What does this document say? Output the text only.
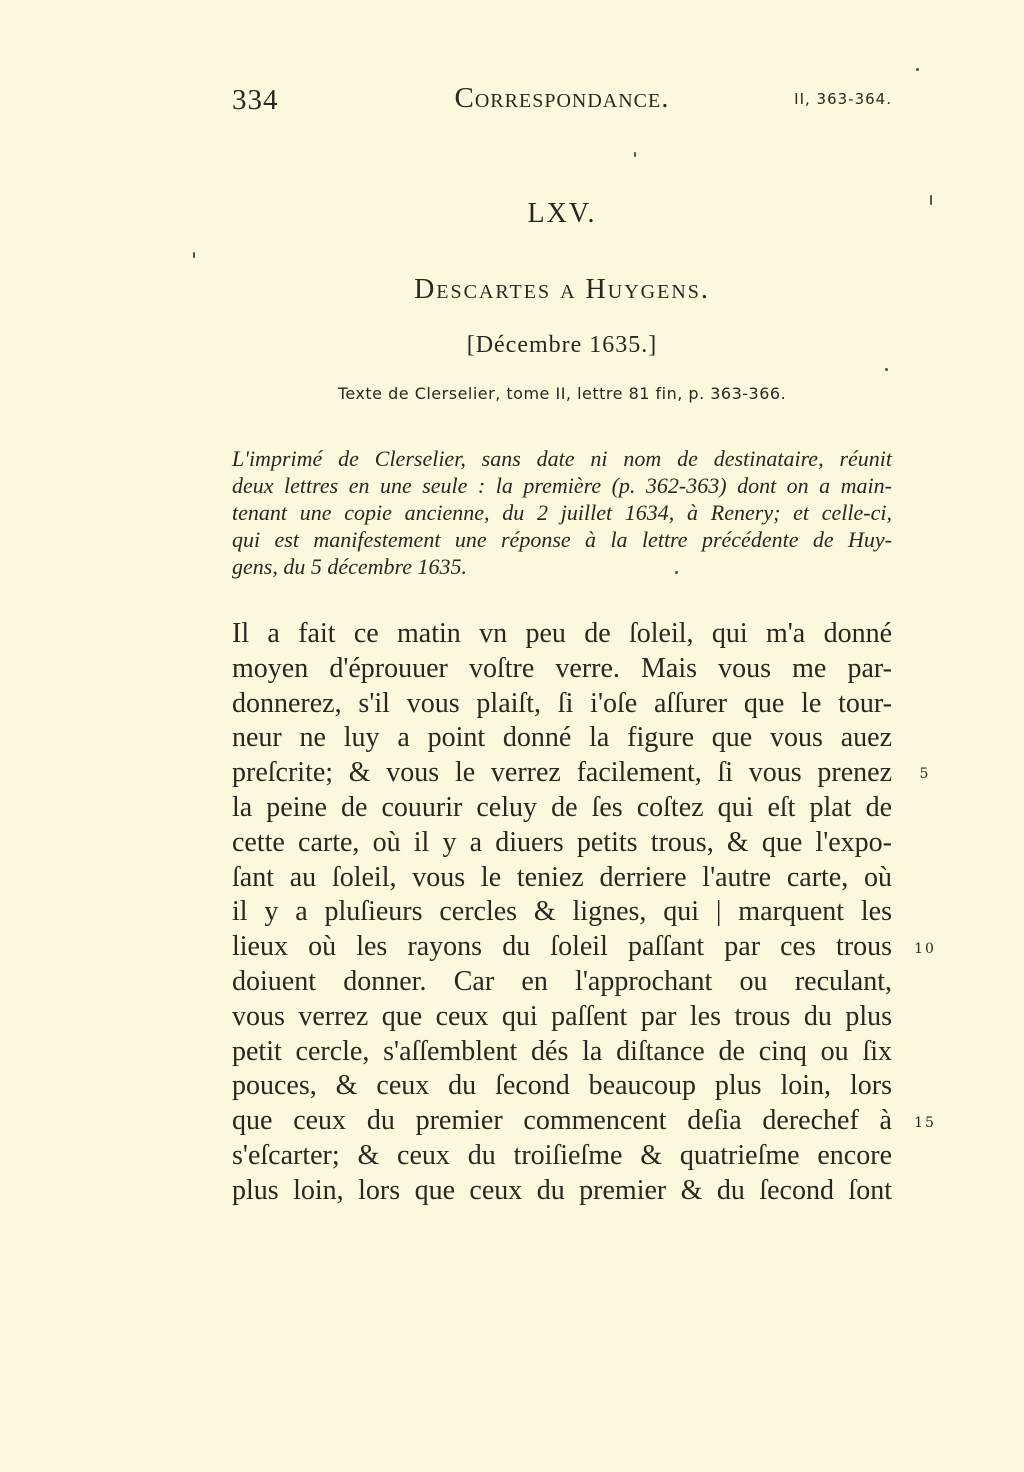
334	Correspondance.	II, 363-364.
LXV.
Descartes a Huygens.
[Décembre 1635.]
Texte de Clerselier, tome II, lettre 81 fin, p. 363-366.
L'imprimé de Clerselier, sans date ni nom de destinataire, réunit
deux lettres en une seule : la première (p. 362-363) dont on a main-
tenant une copie ancienne, du 2 juillet 1634, à Renery; et celle-ci,
qui est manifestement une réponse à la lettre précédente de Huy-
gens, du 5 décembre 1635.
Il a fait ce matin vn peu de ſoleil, qui m'a donné
moyen d'éprouuer voſtre verre. Mais vous me par-
donnerez, s'il vous plaiſt, ſi i'oſe aſſurer que le tour-
neur ne luy a point donné la figure que vous auez
preſcrite; & vous le verrez facilement, ſi vous prenez
la peine de couurir celuy de ſes coſtez qui eſt plat de
cette carte, où il y a diuers petits trous, & que l'expo-
ſant au ſoleil, vous le teniez derriere l'autre carte, où
il y a pluſieurs cercles & lignes, qui | marquent les
lieux où les rayons du ſoleil paſſant par ces trous
doiuent donner. Car en l'approchant ou reculant,
vous verrez que ceux qui paſſent par les trous du plus
petit cercle, s'aſſemblent dés la diſtance de cinq ou ſix
pouces, & ceux du ſecond beaucoup plus loin, lors
que ceux du premier commencent deſia derechef à
s'eſcarter; & ceux du troiſieſme & quatrieſme encore
plus loin, lors que ceux du premier & du ſecond ſont
5
10
15
